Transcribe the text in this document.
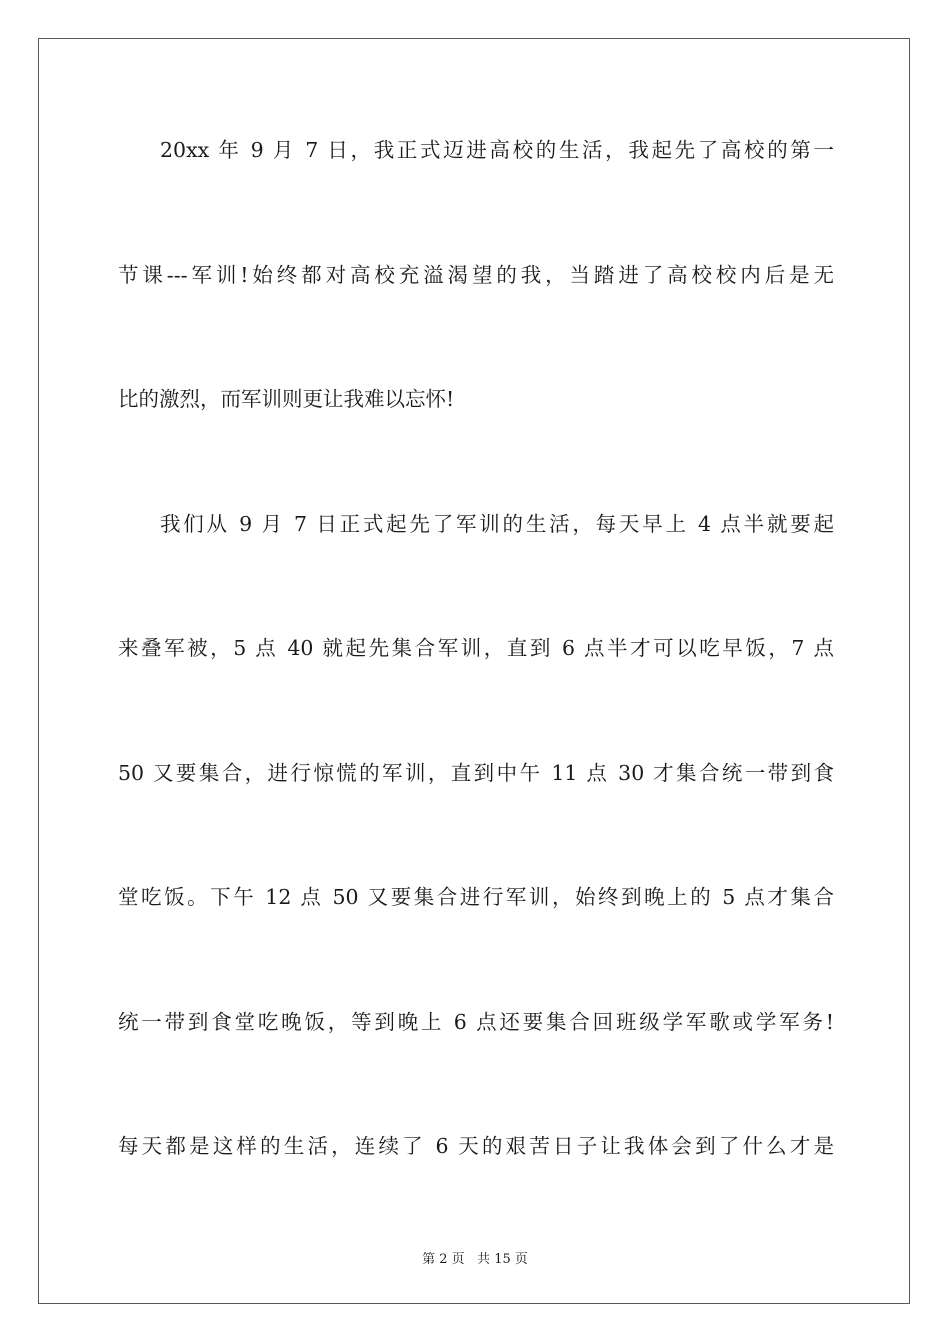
20xx 年 9 月 7 日，我正式迈进高校的生活，我起先了高校的第一
节课---军训!始终都对高校充溢渴望的我，当踏进了高校校内后是无
比的激烈，而军训则更让我难以忘怀!
我们从 9 月 7 日正式起先了军训的生活，每天早上 4 点半就要起
来叠军被，5 点 40 就起先集合军训，直到 6 点半才可以吃早饭，7 点
50 又要集合，进行惊慌的军训，直到中午 11 点 30 才集合统一带到食
堂吃饭。下午 12 点 50 又要集合进行军训，始终到晚上的 5 点才集合
统一带到食堂吃晚饭，等到晚上 6 点还要集合回班级学军歌或学军务!
每天都是这样的生活，连续了 6 天的艰苦日子让我体会到了什么才是
第 2 页   共 15 页
